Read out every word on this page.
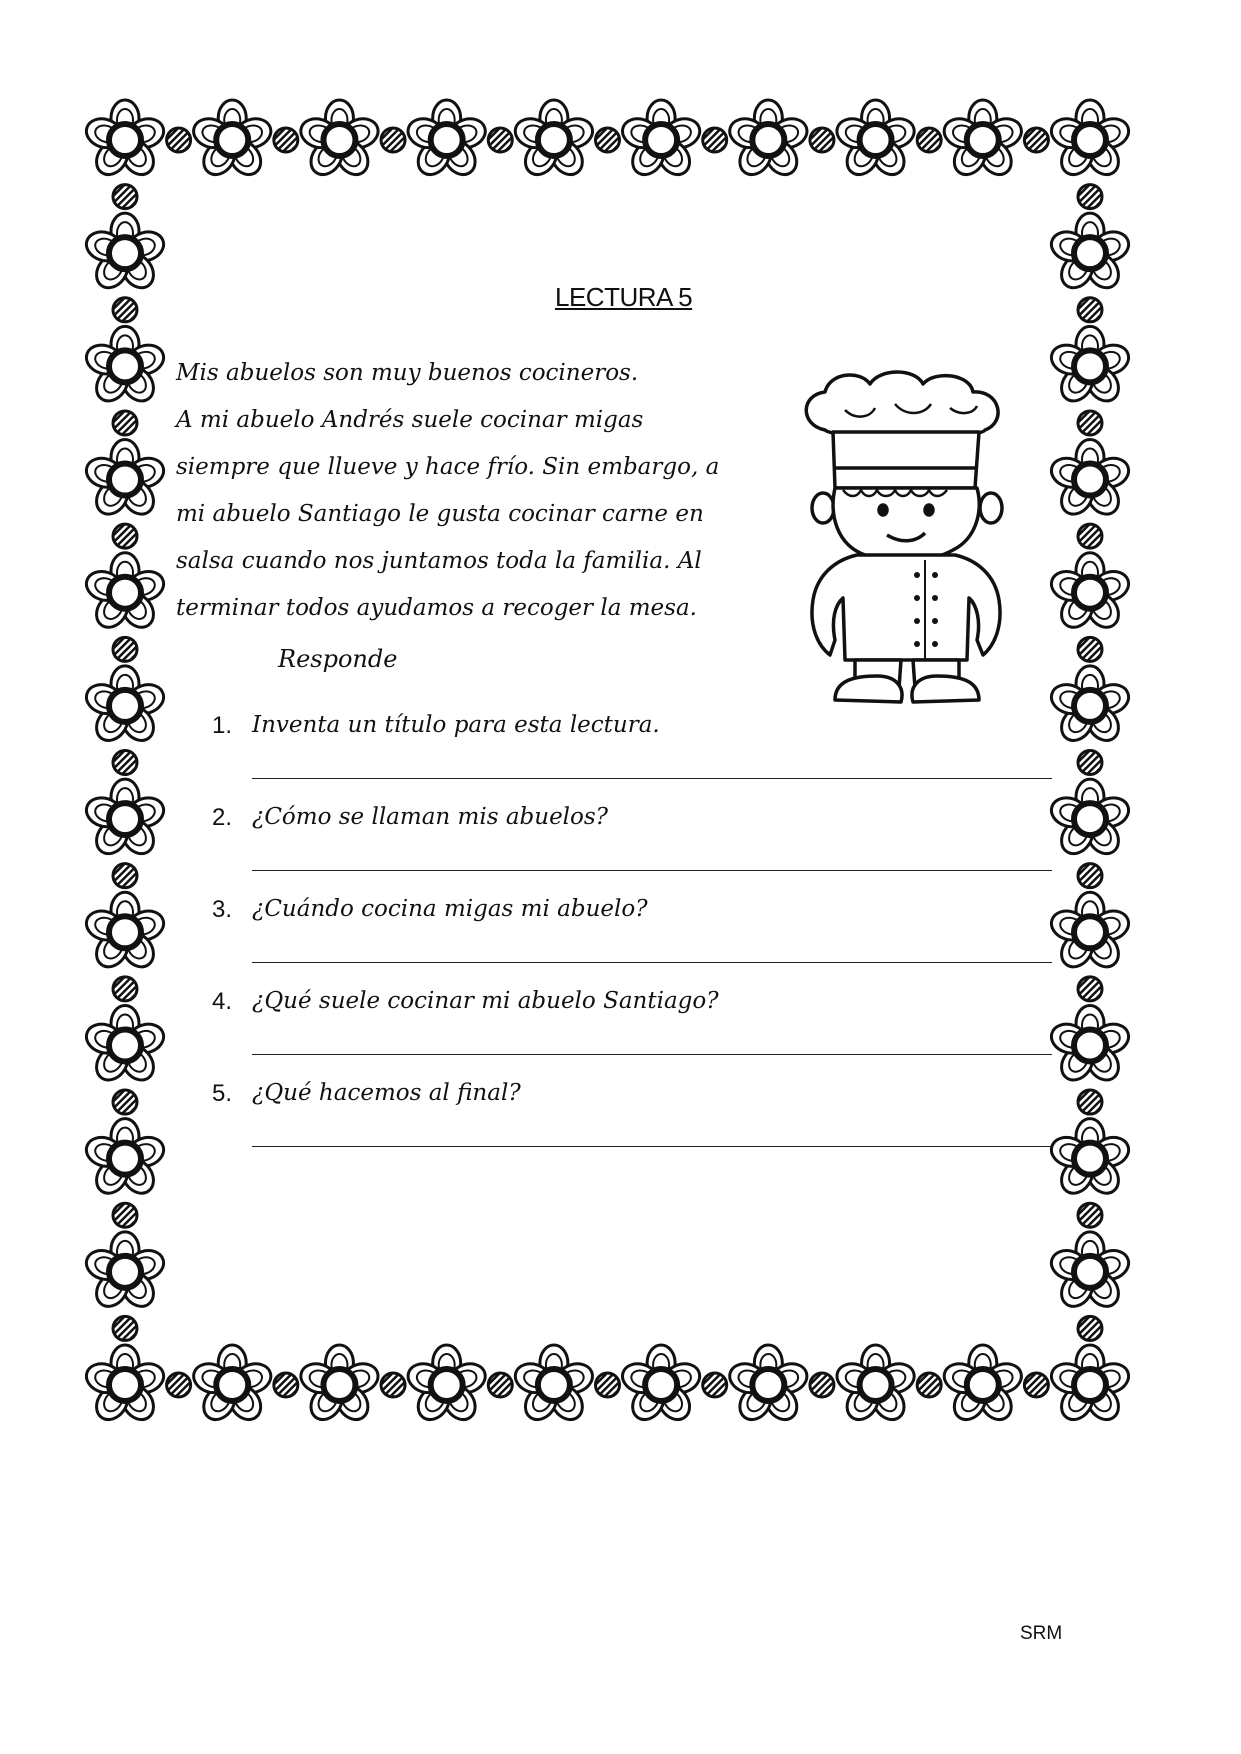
LECTURA 5

Mis abuelos son muy buenos cocineros.
A mi abuelo Andrés suele cocinar migas
siempre que llueve y hace frío. Sin embargo, a
mi abuelo Santiago le gusta cocinar carne en
salsa cuando nos juntamos toda la familia. Al
terminar todos ayudamos a recoger la mesa.

Responde
1. Inventa un título para esta lectura.
2. ¿Cómo se llaman mis abuelos?
3. ¿Cuándo cocina migas mi abuelo?
4. ¿Qué suele cocinar mi abuelo Santiago?
5. ¿Qué hacemos al final?
SRM
